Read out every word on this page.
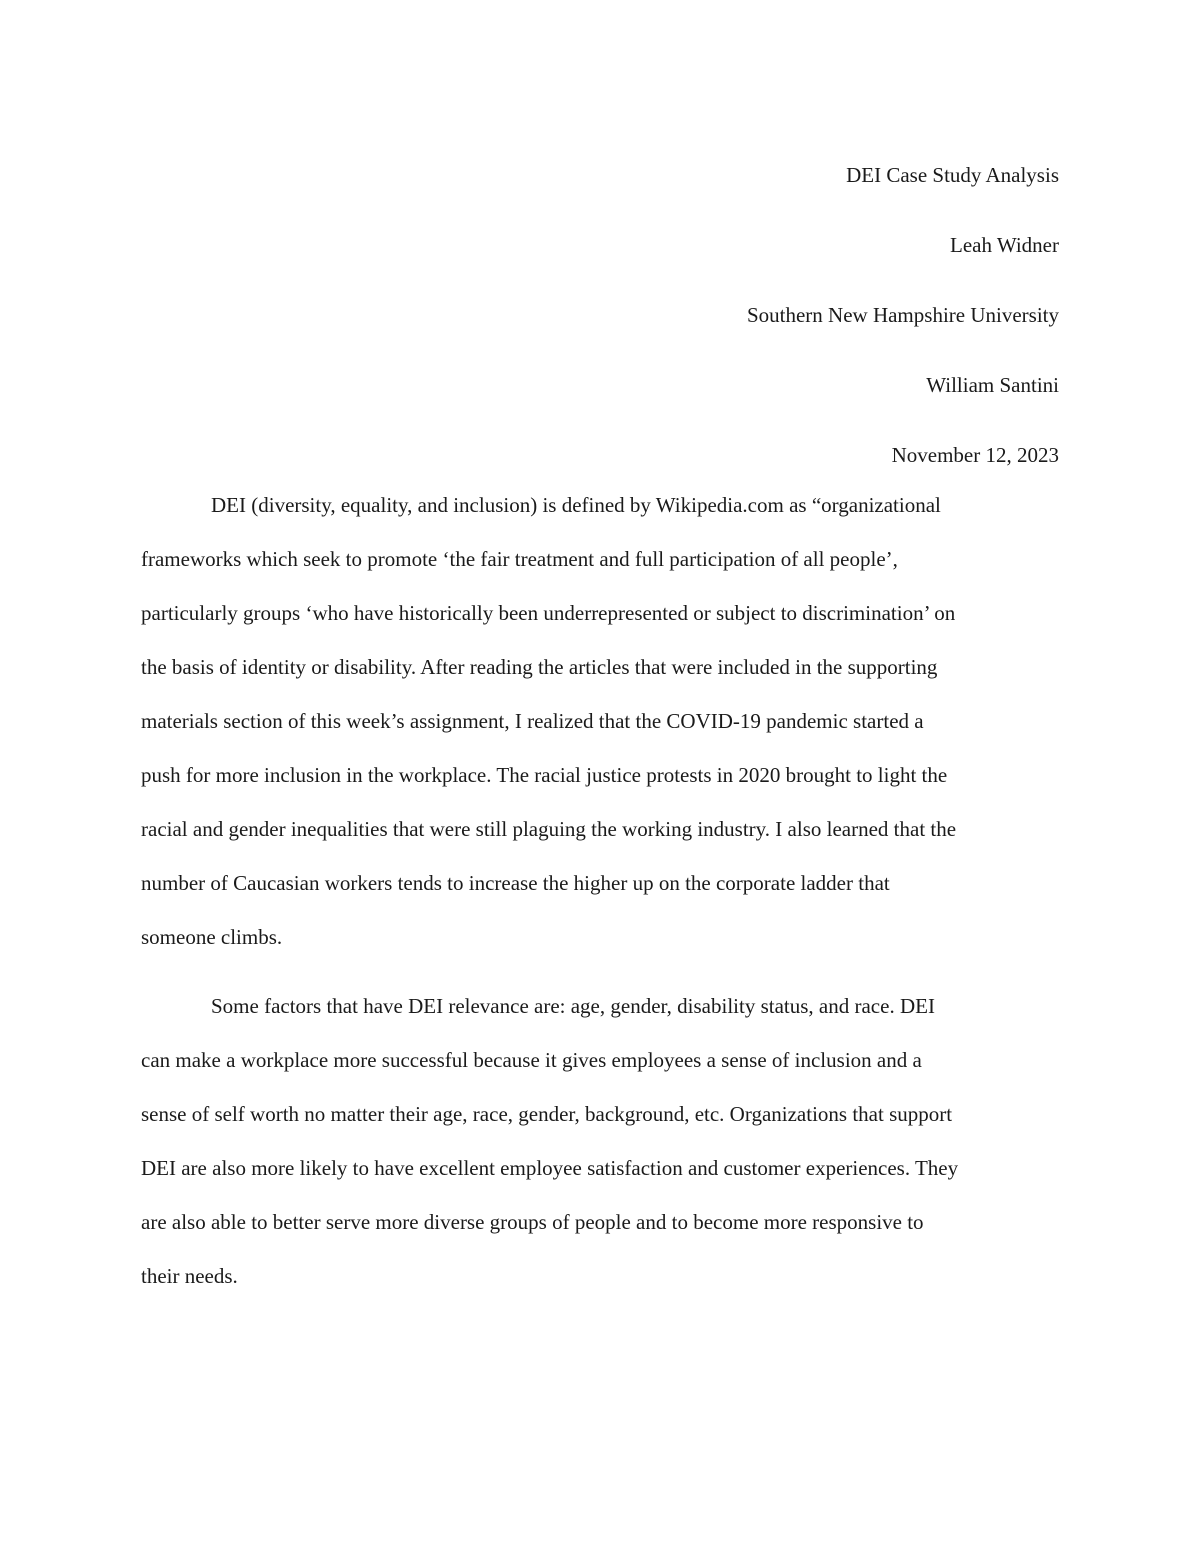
DEI Case Study Analysis
Leah Widner
Southern New Hampshire University
William Santini
November 12, 2023
DEI (diversity, equality, and inclusion) is defined by Wikipedia.com as “organizational
frameworks which seek to promote ‘the fair treatment and full participation of all people’,
particularly groups ‘who have historically been underrepresented or subject to discrimination’ on
the basis of identity or disability. After reading the articles that were included in the supporting
materials section of this week’s assignment, I realized that the COVID-19 pandemic started a
push for more inclusion in the workplace. The racial justice protests in 2020 brought to light the
racial and gender inequalities that were still plaguing the working industry. I also learned that the
number of Caucasian workers tends to increase the higher up on the corporate ladder that
someone climbs.
Some factors that have DEI relevance are: age, gender, disability status, and race. DEI
can make a workplace more successful because it gives employees a sense of inclusion and a
sense of self worth no matter their age, race, gender, background, etc. Organizations that support
DEI are also more likely to have excellent employee satisfaction and customer experiences. They
are also able to better serve more diverse groups of people and to become more responsive to
their needs.
